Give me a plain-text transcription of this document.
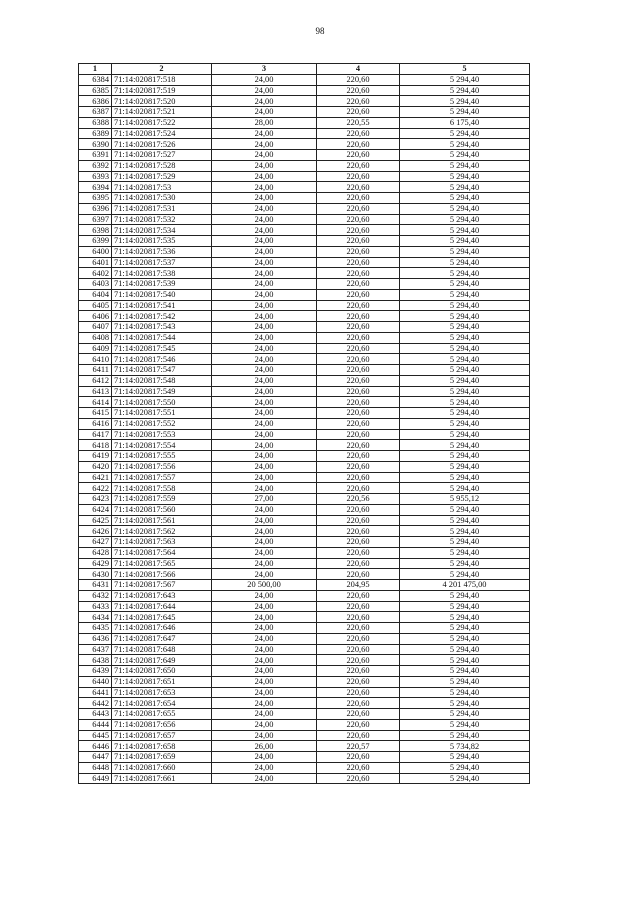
98
1	2	3	4	5
6384	71:14:020817:518	24,00	220,60	5 294,40
6385	71:14:020817:519	24,00	220,60	5 294,40
6386	71:14:020817:520	24,00	220,60	5 294,40
6387	71:14:020817:521	24,00	220,60	5 294,40
6388	71:14:020817:522	28,00	220,55	6 175,40
6389	71:14:020817:524	24,00	220,60	5 294,40
6390	71:14:020817:526	24,00	220,60	5 294,40
6391	71:14:020817:527	24,00	220,60	5 294,40
6392	71:14:020817:528	24,00	220,60	5 294,40
6393	71:14:020817:529	24,00	220,60	5 294,40
6394	71:14:020817:53	24,00	220,60	5 294,40
6395	71:14:020817:530	24,00	220,60	5 294,40
6396	71:14:020817:531	24,00	220,60	5 294,40
6397	71:14:020817:532	24,00	220,60	5 294,40
6398	71:14:020817:534	24,00	220,60	5 294,40
6399	71:14:020817:535	24,00	220,60	5 294,40
6400	71:14:020817:536	24,00	220,60	5 294,40
6401	71:14:020817:537	24,00	220,60	5 294,40
6402	71:14:020817:538	24,00	220,60	5 294,40
6403	71:14:020817:539	24,00	220,60	5 294,40
6404	71:14:020817:540	24,00	220,60	5 294,40
6405	71:14:020817:541	24,00	220,60	5 294,40
6406	71:14:020817:542	24,00	220,60	5 294,40
6407	71:14:020817:543	24,00	220,60	5 294,40
6408	71:14:020817:544	24,00	220,60	5 294,40
6409	71:14:020817:545	24,00	220,60	5 294,40
6410	71:14:020817:546	24,00	220,60	5 294,40
6411	71:14:020817:547	24,00	220,60	5 294,40
6412	71:14:020817:548	24,00	220,60	5 294,40
6413	71:14:020817:549	24,00	220,60	5 294,40
6414	71:14:020817:550	24,00	220,60	5 294,40
6415	71:14:020817:551	24,00	220,60	5 294,40
6416	71:14:020817:552	24,00	220,60	5 294,40
6417	71:14:020817:553	24,00	220,60	5 294,40
6418	71:14:020817:554	24,00	220,60	5 294,40
6419	71:14:020817:555	24,00	220,60	5 294,40
6420	71:14:020817:556	24,00	220,60	5 294,40
6421	71:14:020817:557	24,00	220,60	5 294,40
6422	71:14:020817:558	24,00	220,60	5 294,40
6423	71:14:020817:559	27,00	220,56	5 955,12
6424	71:14:020817:560	24,00	220,60	5 294,40
6425	71:14:020817:561	24,00	220,60	5 294,40
6426	71:14:020817:562	24,00	220,60	5 294,40
6427	71:14:020817:563	24,00	220,60	5 294,40
6428	71:14:020817:564	24,00	220,60	5 294,40
6429	71:14:020817:565	24,00	220,60	5 294,40
6430	71:14:020817:566	24,00	220,60	5 294,40
6431	71:14:020817:567	20 500,00	204,95	4 201 475,00
6432	71:14:020817:643	24,00	220,60	5 294,40
6433	71:14:020817:644	24,00	220,60	5 294,40
6434	71:14:020817:645	24,00	220,60	5 294,40
6435	71:14:020817:646	24,00	220,60	5 294,40
6436	71:14:020817:647	24,00	220,60	5 294,40
6437	71:14:020817:648	24,00	220,60	5 294,40
6438	71:14:020817:649	24,00	220,60	5 294,40
6439	71:14:020817:650	24,00	220,60	5 294,40
6440	71:14:020817:651	24,00	220,60	5 294,40
6441	71:14:020817:653	24,00	220,60	5 294,40
6442	71:14:020817:654	24,00	220,60	5 294,40
6443	71:14:020817:655	24,00	220,60	5 294,40
6444	71:14:020817:656	24,00	220,60	5 294,40
6445	71:14:020817:657	24,00	220,60	5 294,40
6446	71:14:020817:658	26,00	220,57	5 734,82
6447	71:14:020817:659	24,00	220,60	5 294,40
6448	71:14:020817:660	24,00	220,60	5 294,40
6449	71:14:020817:661	24,00	220,60	5 294,40
